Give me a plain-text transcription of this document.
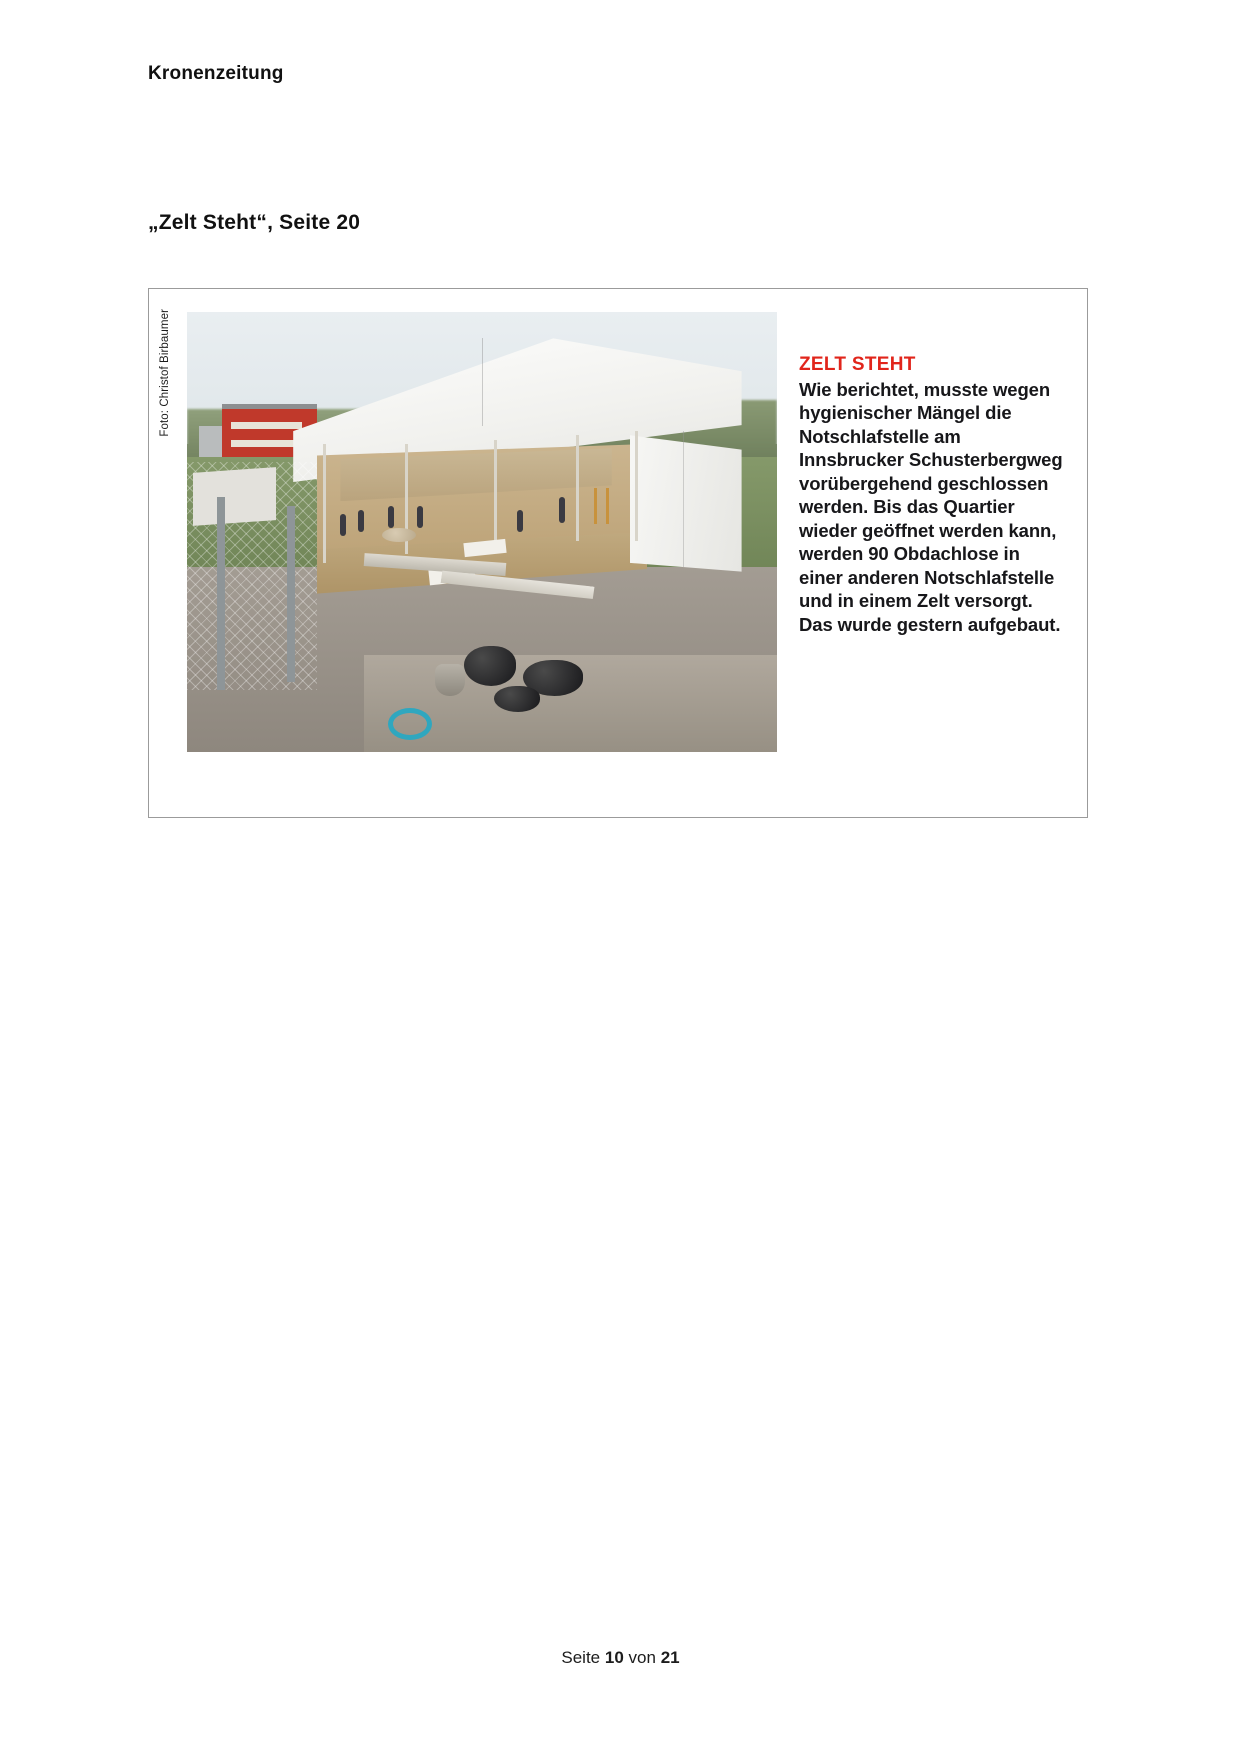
Kronenzeitung
„Zelt Steht“, Seite 20
Foto: Christof Birbaumer	ZELT STEHT

Wie berichtet, musste wegen hygienischer Mängel die Notschlafstelle am Innsbrucker Schusterbergweg vorübergehend geschlossen werden. Bis das Quartier wieder geöffnet werden kann, werden 90 Obdachlose in einer anderen Notschlafstelle und in einem Zelt versorgt. Das wurde gestern aufgebaut.

Seite 10 von 21
